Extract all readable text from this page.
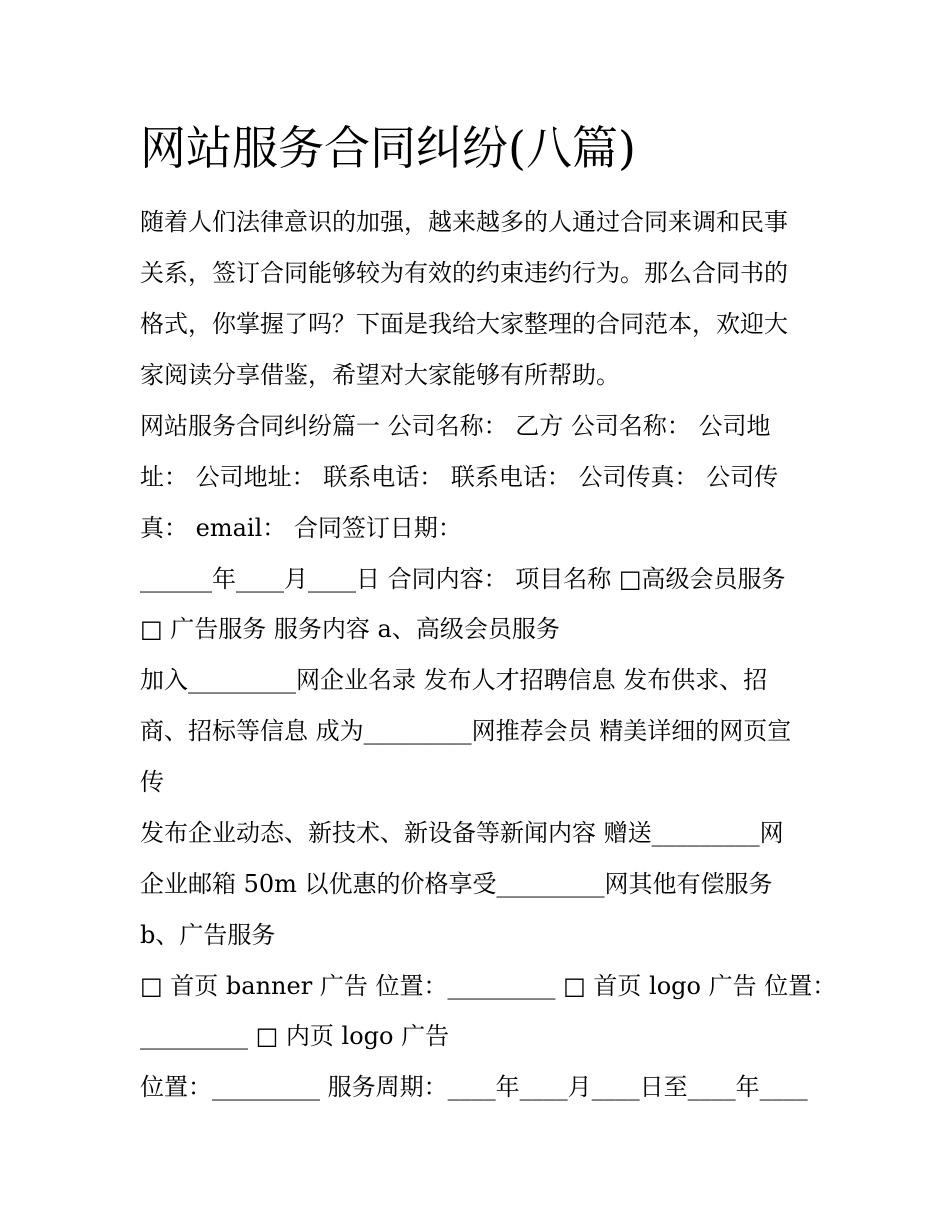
网站服务合同纠纷(八篇)

随着人们法律意识的加强，越来越多的人通过合同来调和民事

关系，签订合同能够较为有效的约束违约行为。那么合同书的

格式，你掌握了吗？下面是我给大家整理的合同范本，欢迎大

家阅读分享借鉴，希望对大家能够有所帮助。

网站服务合同纠纷篇一 公司名称： 乙方 公司名称： 公司地

址： 公司地址： 联系电话： 联系电话： 公司传真： 公司传

真： email： 合同签订日期：

______年____月____日 合同内容： 项目名称 □高级会员服务

□ 广告服务 服务内容 a、高级会员服务

加入_________网企业名录 发布人才招聘信息 发布供求、招

商、招标等信息 成为_________网推荐会员 精美详细的网页宣

传

发布企业动态、新技术、新设备等新闻内容 赠送_________网

企业邮箱 50m 以优惠的价格享受_________网其他有偿服务

b、广告服务

□ 首页 banner 广告 位置：_________ □ 首页 logo 广告 位置：

_________ □ 内页 logo 广告

位置：_________ 服务周期：____年____月____日至____年____
